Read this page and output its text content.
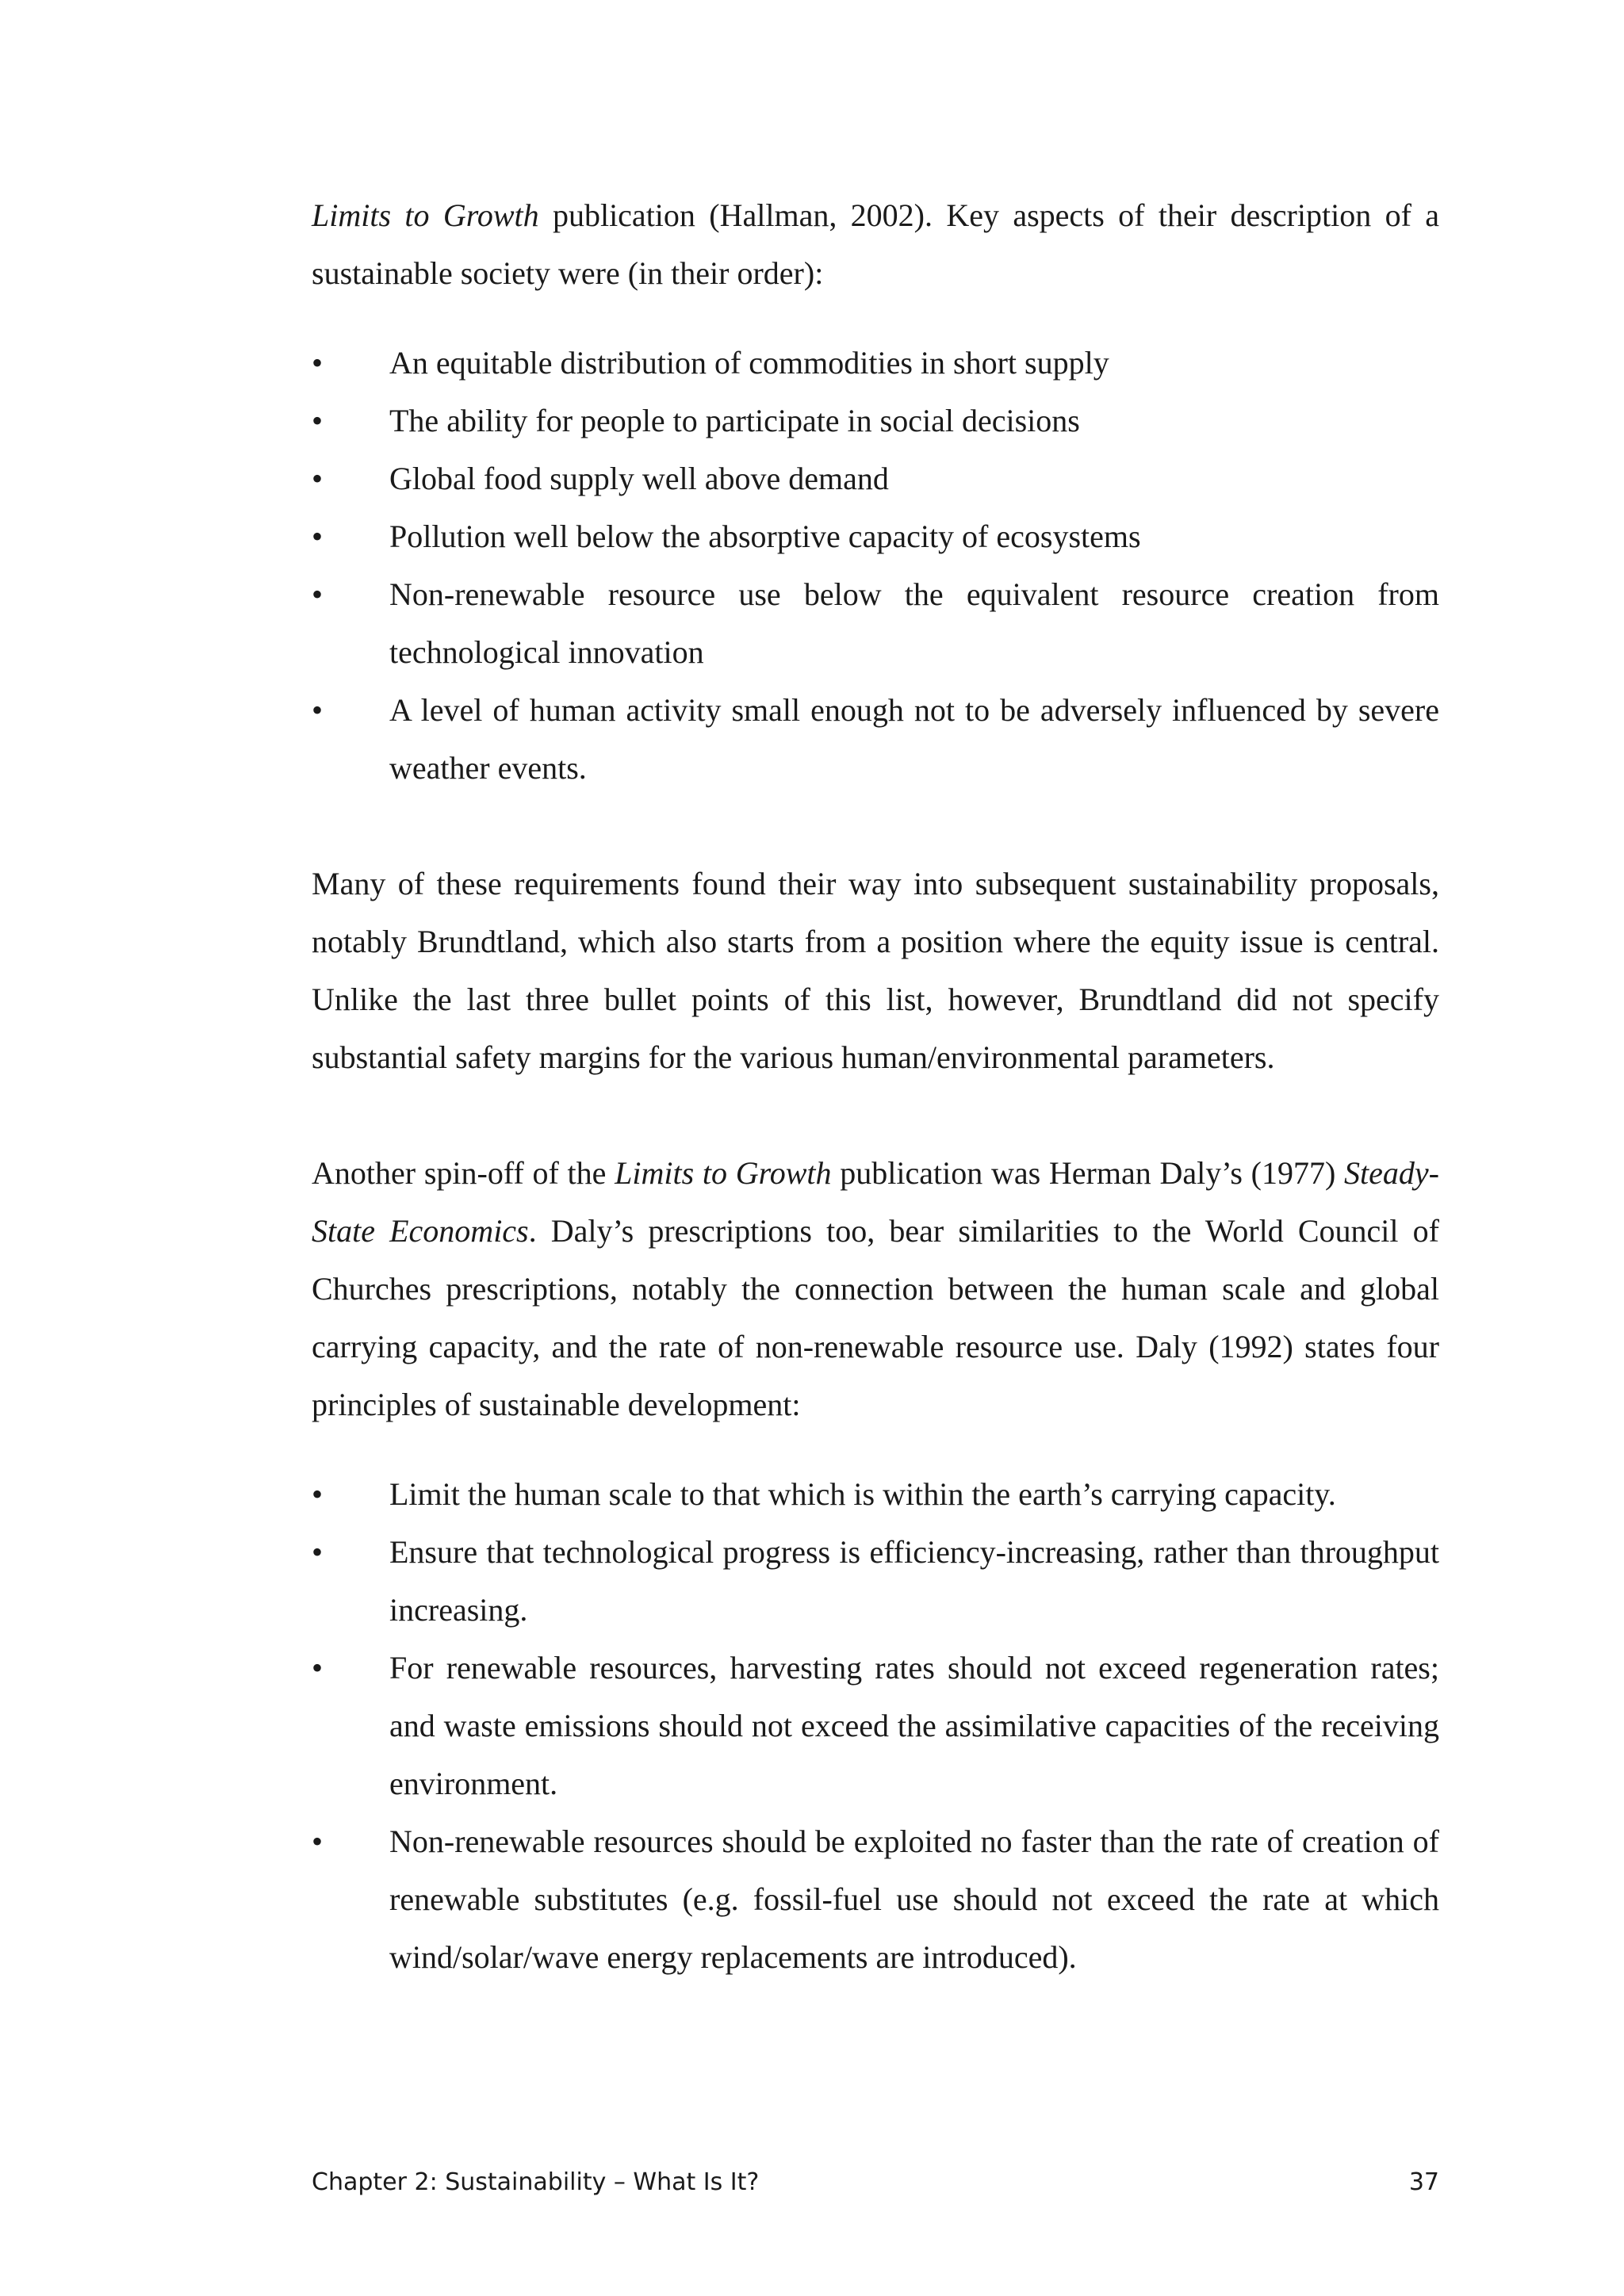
Limits to Growth publication (Hallman, 2002). Key aspects of their description of a sustainable society were (in their order):

• An equitable distribution of commodities in short supply
• The ability for people to participate in social decisions
• Global food supply well above demand
• Pollution well below the absorptive capacity of ecosystems
• Non-renewable resource use below the equivalent resource creation from technological innovation
• A level of human activity small enough not to be adversely influenced by severe weather events.

Many of these requirements found their way into subsequent sustainability proposals, notably Brundtland, which also starts from a position where the equity issue is central. Unlike the last three bullet points of this list, however, Brundtland did not specify substantial safety margins for the various human/environmental parameters.

Another spin-off of the Limits to Growth publication was Herman Daly’s (1977) Steady-State Economics. Daly’s prescriptions too, bear similarities to the World Council of Churches prescriptions, notably the connection between the human scale and global carrying capacity, and the rate of non-renewable resource use. Daly (1992) states four principles of sustainable development:

• Limit the human scale to that which is within the earth’s carrying capacity.
• Ensure that technological progress is efficiency-increasing, rather than throughput increasing.
• For renewable resources, harvesting rates should not exceed regeneration rates; and waste emissions should not exceed the assimilative capacities of the receiving environment.
• Non-renewable resources should be exploited no faster than the rate of creation of renewable substitutes (e.g. fossil-fuel use should not exceed the rate at which wind/solar/wave energy replacements are introduced).
Chapter 2: Sustainability – What Is It?	37
